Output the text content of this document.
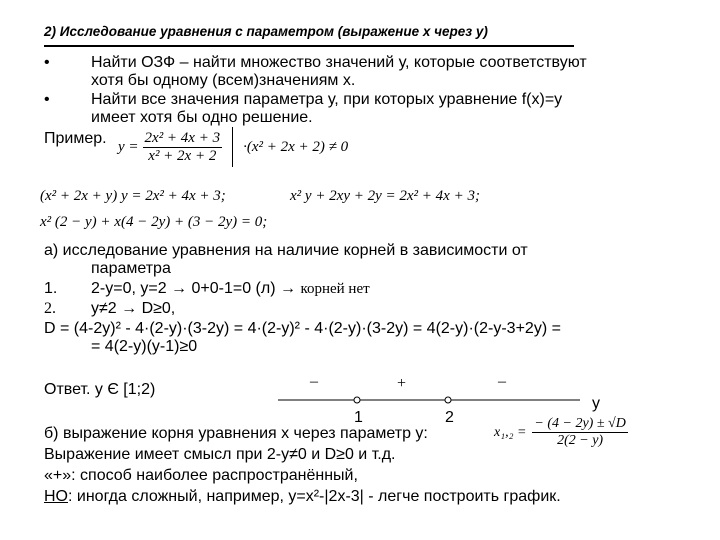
2) Исследование уравнения с параметром (выражение х через у)
•	Найти ОЗФ – найти множество значений у, которые соответствуют
хотя бы одному (всем)значениям х.
•	Найти все значения параметра у, при которых уравнение f(x)=y
имеет хотя бы одно решение.
Пример. $y = \frac{\text{2x² + 4x + 3}}{\text{x² + 2x + 2}} \cdot(x^2 + 2x + 2) \ne 0$
(x² + 2x + y) y = 2x² + 4x + 3;	x² y + 2xy + 2y = 2x² + 4x + 3;
x² (2 − y) + x(4 − 2y) + (3 − 2y) = 0;
а) исследование уравнения на наличие корней в зависимости от
параметра
1. 2-у=0, у=2 → 0+0-1=0 (л) → корней нет
2. у≠2 → D≥0,
D = (4-2y)² - 4·(2-y)·(3-2y) = 4·(2-y)² - 4·(2-y)·(3-2y) = 4(2-y)·(2-y-3+2y) =
= 4(2-y)(y-1)≥0
Ответ. у Є [1;2)	–	+	–
1	2
у
б) выражение корня уравнения х через параметр у:
Выражение имеет смысл при 2-у≠0 и D≥0 и т.д.
«+»: способ наиболее распространённый,
НО: иногда сложный, например, у=х²-|2х-3| - легче построить график.
$x_1,_2 = \frac{- (4 - 2y) \pm √D}{2(2 - y)}$
